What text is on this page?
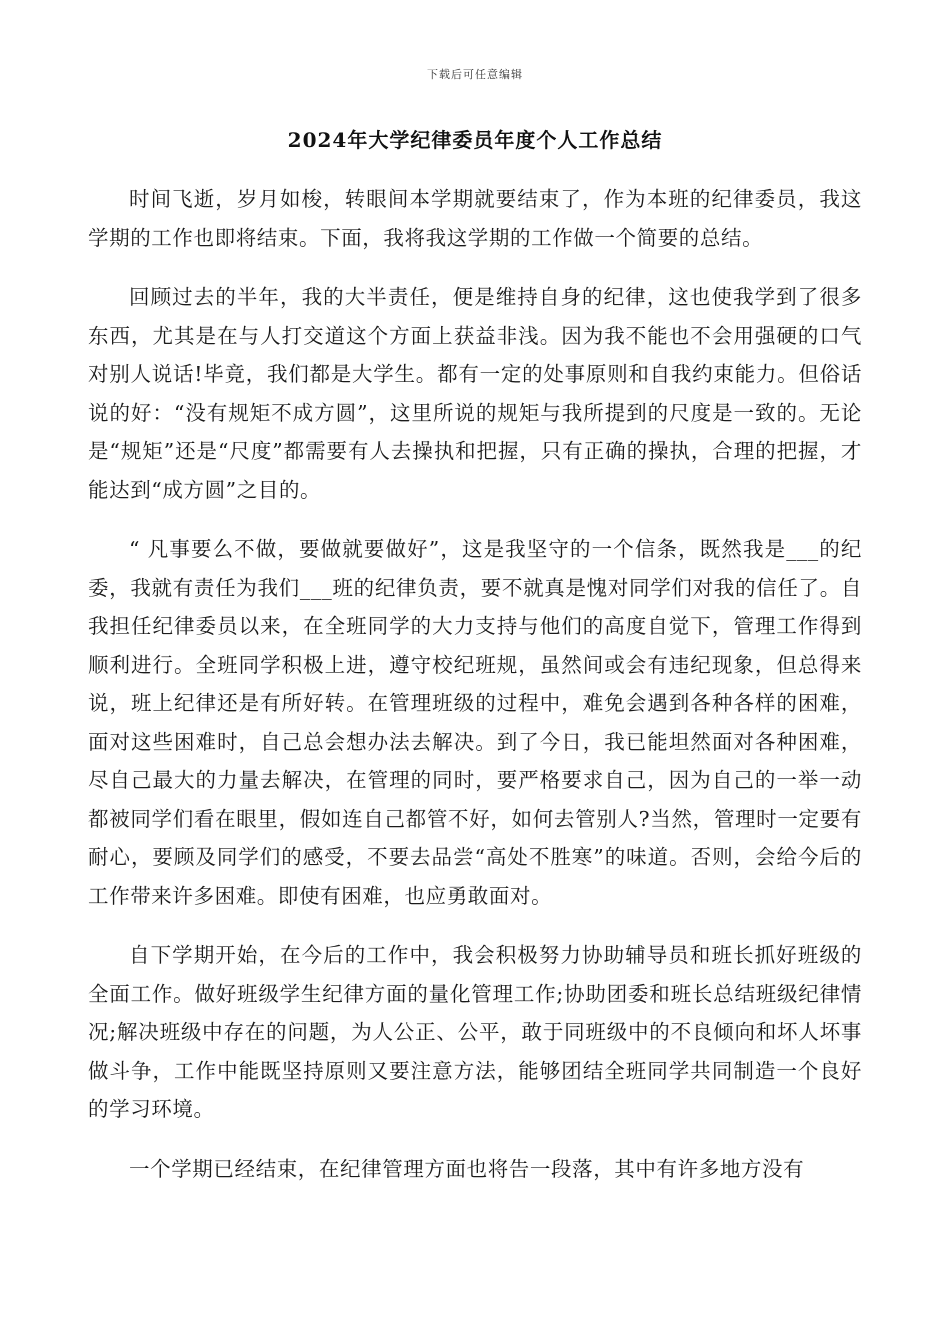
下载后可任意编辑
2024年大学纪律委员年度个人工作总结

时间飞逝，岁月如梭，转眼间本学期就要结束了，作为本班的纪律委员，我这学期的工作也即将结束。下面，我将我这学期的工作做一个简要的总结。

回顾过去的半年，我的大半责任，便是维持自身的纪律，这也使我学到了很多东西，尤其是在与人打交道这个方面上获益非浅。因为我不能也不会用强硬的口气对别人说话!毕竟，我们都是大学生。都有一定的处事原则和自我约束能力。但俗话说的好：“没有规矩不成方圆”，这里所说的规矩与我所提到的尺度是一致的。无论是“规矩”还是“尺度”都需要有人去操执和把握，只有正确的操执，合理的把握，才能达到“成方圆”之目的。

“ 凡事要么不做，要做就要做好”，这是我坚守的一个信条，既然我是___的纪委，我就有责任为我们___班的纪律负责，要不就真是愧对同学们对我的信任了。自我担任纪律委员以来，在全班同学的大力支持与他们的高度自觉下，管理工作得到顺利进行。全班同学积极上进，遵守校纪班规，虽然间或会有违纪现象，但总得来说，班上纪律还是有所好转。在管理班级的过程中，难免会遇到各种各样的困难，面对这些困难时，自己总会想办法去解决。到了今日，我已能坦然面对各种困难，尽自己最大的力量去解决，在管理的同时，要严格要求自己，因为自己的一举一动都被同学们看在眼里，假如连自己都管不好，如何去管别人?当然，管理时一定要有耐心，要顾及同学们的感受，不要去品尝“高处不胜寒”的味道。否则，会给今后的工作带来许多困难。即使有困难，也应勇敢面对。

自下学期开始，在今后的工作中，我会积极努力协助辅导员和班长抓好班级的全面工作。做好班级学生纪律方面的量化管理工作;协助团委和班长总结班级纪律情况;解决班级中存在的问题，为人公正、公平，敢于同班级中的不良倾向和坏人坏事做斗争，工作中能既坚持原则又要注意方法，能够团结全班同学共同制造一个良好的学习环境。

一个学期已经结束，在纪律管理方面也将告一段落，其中有许多地方没有
